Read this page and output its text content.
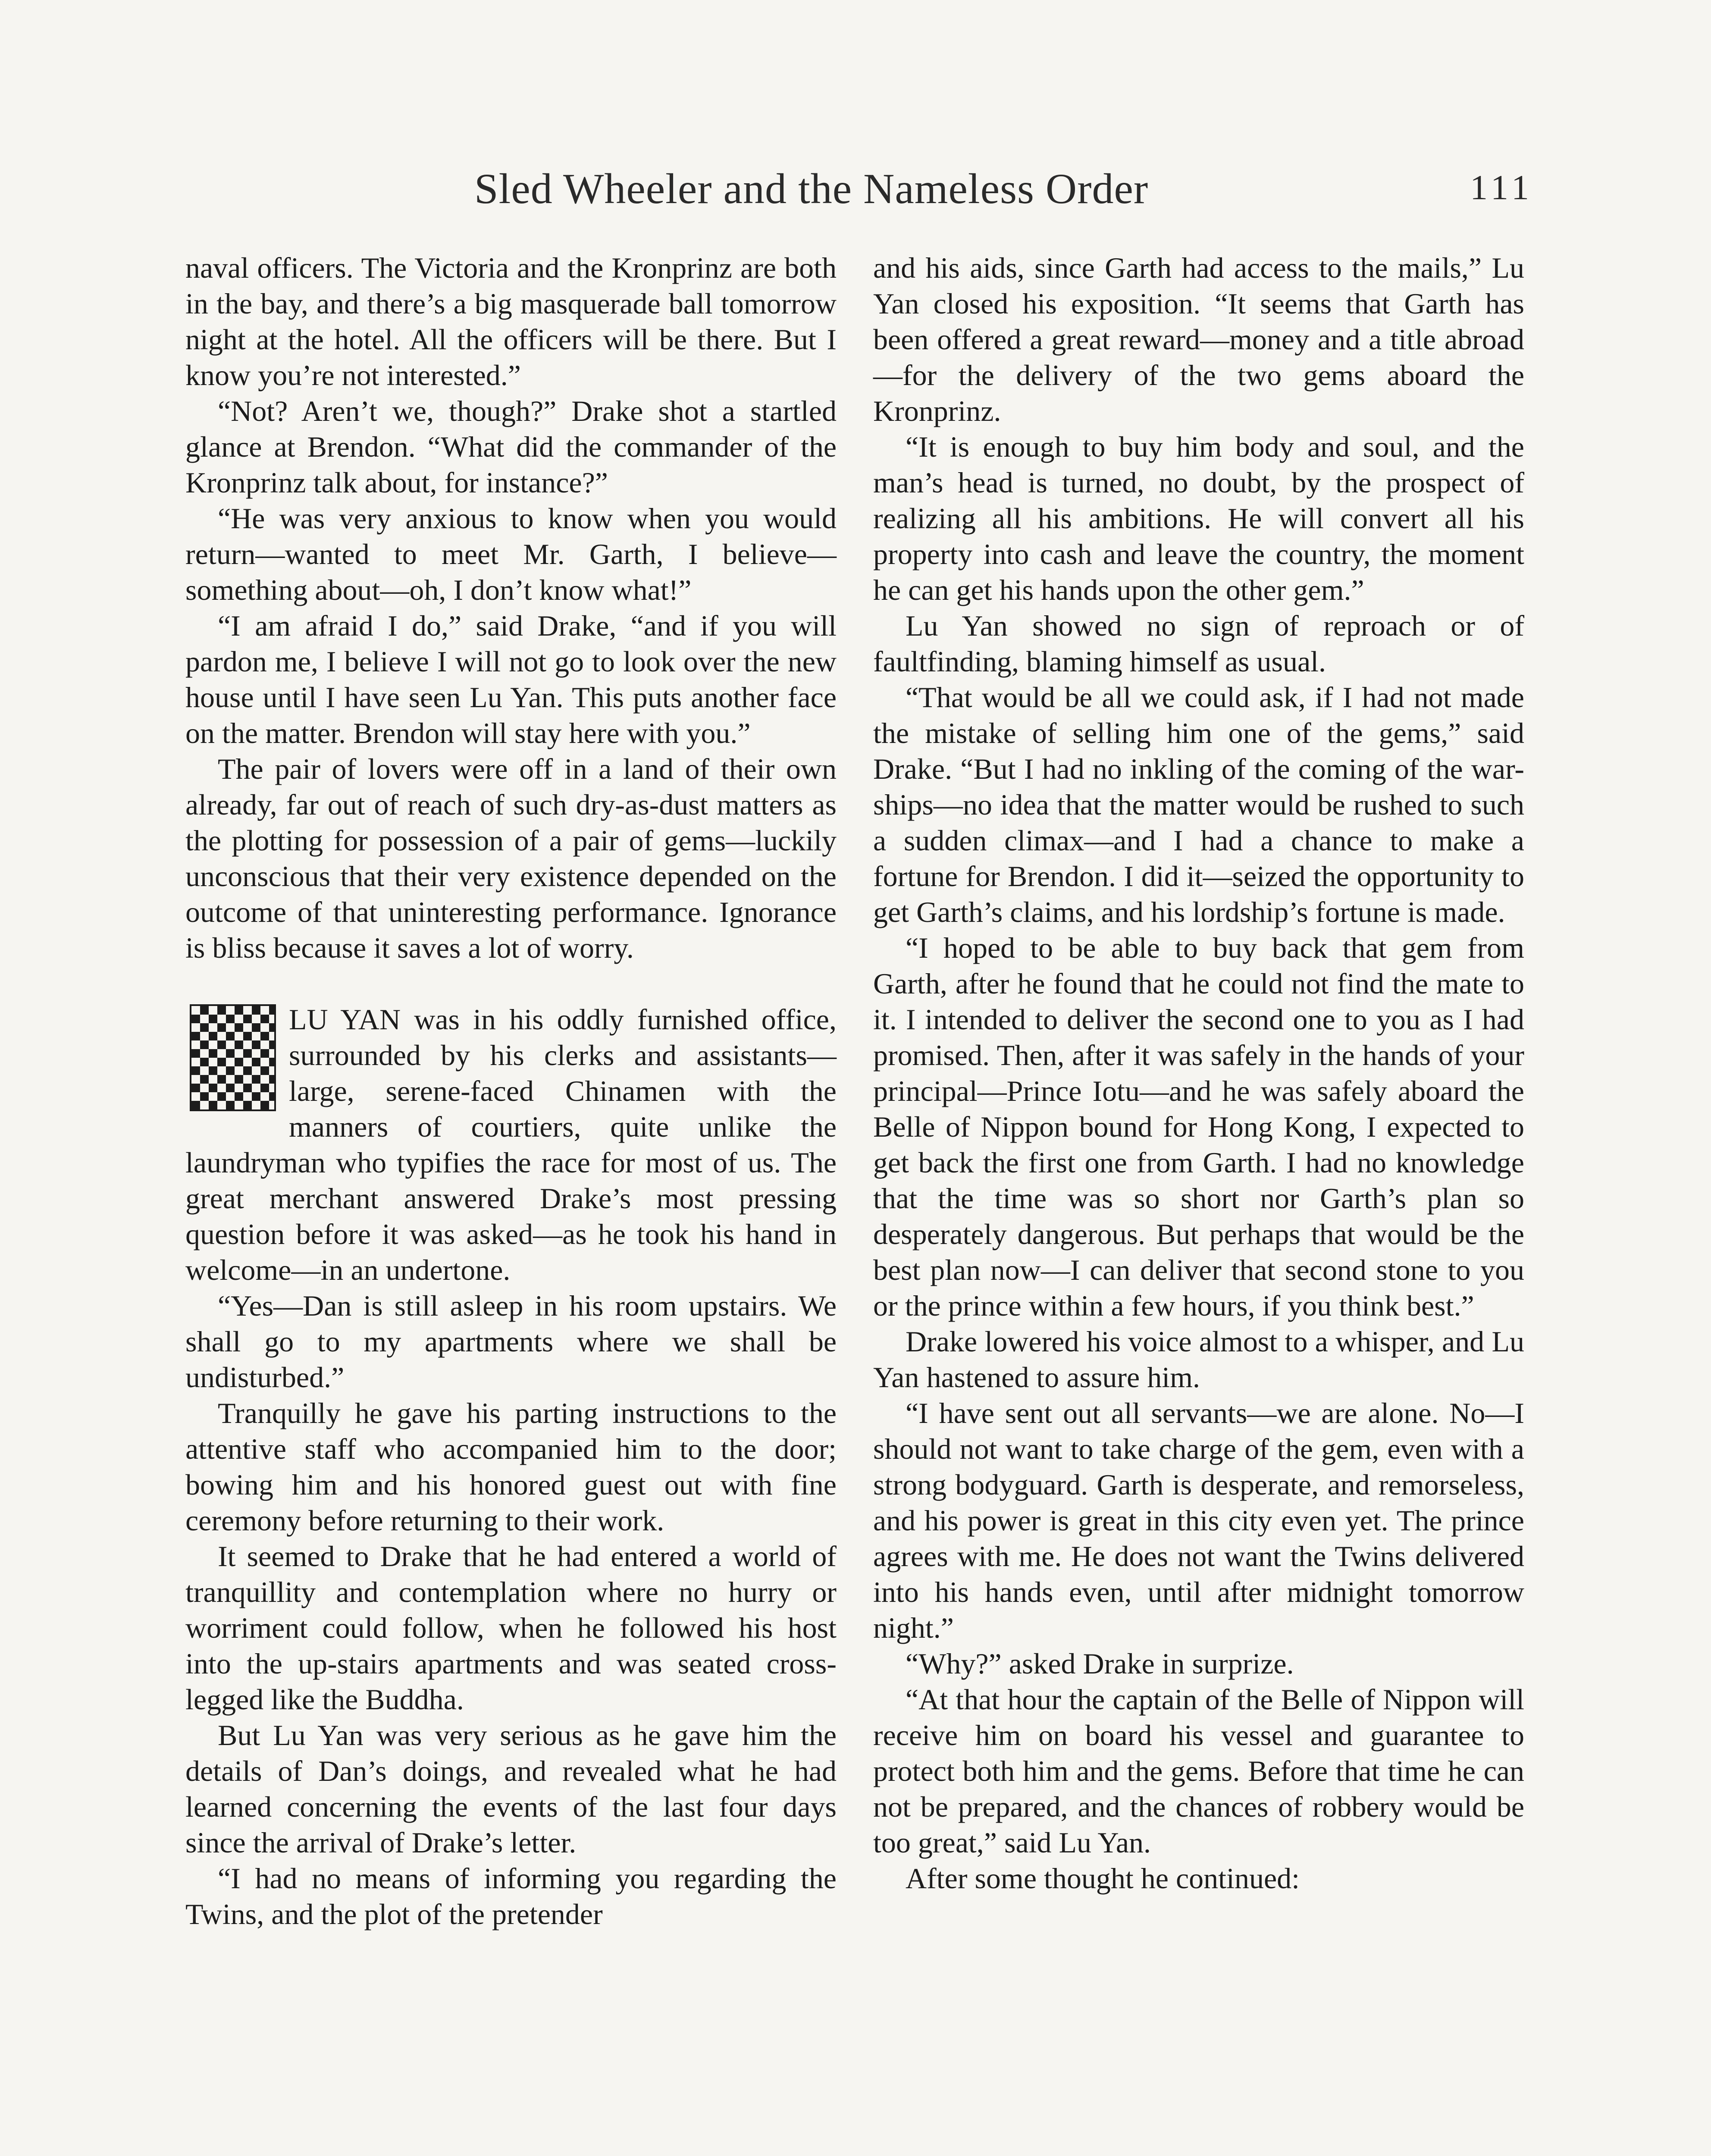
Sled Wheeler and the Nameless Order	111

naval officers. The Victoria and the Kronprinz are both in the bay, and there’s a big masquerade ball tomorrow night at the hotel. All the officers will be there. But I know you’re not interested.”

“Not? Aren’t we, though?” Drake shot a startled glance at Brendon. “What did the commander of the Kronprinz talk about, for instance?”

“He was very anxious to know when you would return—wanted to meet Mr. Garth, I believe—something about—oh, I don’t know what!”

“I am afraid I do,” said Drake, “and if you will pardon me, I believe I will not go to look over the new house until I have seen Lu Yan. This puts another face on the matter. Brendon will stay here with you.”

The pair of lovers were off in a land of their own already, far out of reach of such dry-as-dust matters as the plotting for possession of a pair of gems—luckily unconscious that their very existence depended on the outcome of that uninteresting performance. Ignorance is bliss because it saves a lot of worry.

LU YAN was in his oddly furnished office, surrounded by his clerks and assistants—large, serene-faced Chinamen with the manners of courtiers, quite unlike the laundryman who typifies the race for most of us. The great merchant answered Drake’s most pressing question before it was asked—as he took his hand in welcome—in an undertone.

“Yes—Dan is still asleep in his room upstairs. We shall go to my apartments where we shall be undisturbed.”

Tranquilly he gave his parting instructions to the attentive staff who accompanied him to the door; bowing him and his honored guest out with fine ceremony before returning to their work.

It seemed to Drake that he had entered a world of tranquillity and contemplation where no hurry or worriment could follow, when he followed his host into the up-stairs apartments and was seated cross-legged like the Buddha.

But Lu Yan was very serious as he gave him the details of Dan’s doings, and revealed what he had learned concerning the events of the last four days since the arrival of Drake’s letter.

“I had no means of informing you regarding the Twins, and the plot of the pretender

and his aids, since Garth had access to the mails,” Lu Yan closed his exposition. “It seems that Garth has been offered a great reward—money and a title abroad—for the delivery of the two gems aboard the Kronprinz.

“It is enough to buy him body and soul, and the man’s head is turned, no doubt, by the prospect of realizing all his ambitions. He will convert all his property into cash and leave the country, the moment he can get his hands upon the other gem.”

Lu Yan showed no sign of reproach or of faultfinding, blaming himself as usual.

“That would be all we could ask, if I had not made the mistake of selling him one of the gems,” said Drake. “But I had no inkling of the coming of the war-ships—no idea that the matter would be rushed to such a sudden climax—and I had a chance to make a fortune for Brendon. I did it—seized the opportunity to get Garth’s claims, and his lordship’s fortune is made.

“I hoped to be able to buy back that gem from Garth, after he found that he could not find the mate to it. I intended to deliver the second one to you as I had promised. Then, after it was safely in the hands of your principal—Prince Iotu—and he was safely aboard the Belle of Nippon bound for Hong Kong, I expected to get back the first one from Garth. I had no knowledge that the time was so short nor Garth’s plan so desperately dangerous. But perhaps that would be the best plan now—I can deliver that second stone to you or the prince within a few hours, if you think best.”

Drake lowered his voice almost to a whisper, and Lu Yan hastened to assure him.

“I have sent out all servants—we are alone. No—I should not want to take charge of the gem, even with a strong bodyguard. Garth is desperate, and remorseless, and his power is great in this city even yet. The prince agrees with me. He does not want the Twins delivered into his hands even, until after midnight tomorrow night.”

“Why?” asked Drake in surprize.

“At that hour the captain of the Belle of Nippon will receive him on board his vessel and guarantee to protect both him and the gems. Before that time he can not be prepared, and the chances of robbery would be too great,” said Lu Yan.

After some thought he continued:
